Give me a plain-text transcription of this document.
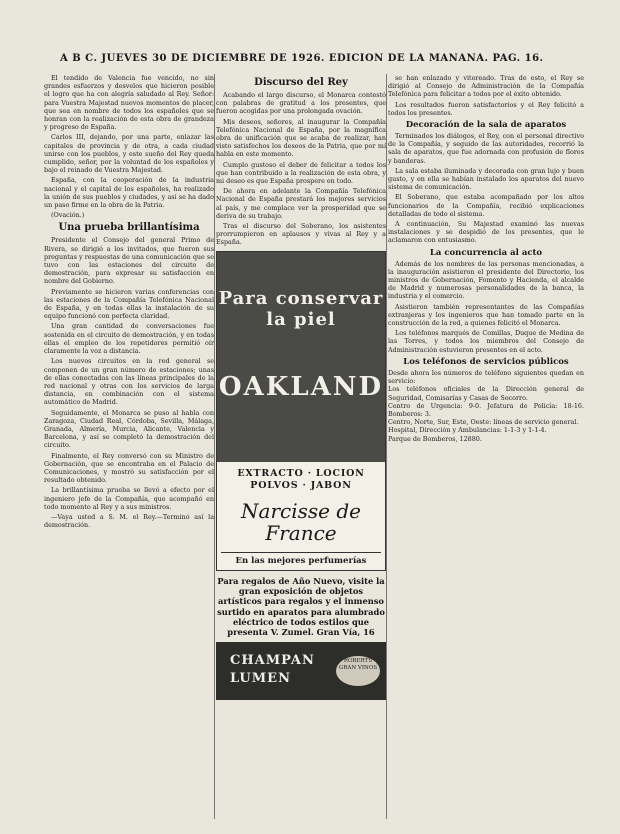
A B C. JUEVES 30 DE DICIEMBRE DE 1926. EDICION DE LA MAÑANA. PAG. 16.

El tendido de Valencia fue vencido, no sin grandes esfuerzos y desvelos que hicieron posible el logro que ha con alegría saludado al Rey. Señor: para Vuestra Majestad nuevos momentos de placer, que sea en nombre de todos los españoles que se honran con la realización de esta obra de grandeza y progreso de España.

Carlos III, dejando, por una parte, enlazar las capitales de provincia y de otra, a cada ciudad unirse con los pueblos, y este sueño del Rey queda cumplido, señor, por la voluntad de los españoles y bajo el reinado de Vuestra Majestad.

España, con la cooperación de la industria nacional y el capital de los españoles, ha realizado la unión de sus pueblos y ciudades, y así se ha dado un paso firme en la obra de la Patria.

(Ovación.)

Una prueba brillantísima

Presidente el Consejo del general Primo de Rivera, se dirigió a los invitados, que fueron sus preguntas y respuestas de una comunicación que se tuvo con las estaciones del circuito de demostración, para expresar su satisfacción en nombre del Gobierno.

Previamente se hicieron varias conferencias con las estaciones de la Compañía Telefónica Nacional de España, y en todas ellas la instalación de su equipo funcionó con perfecta claridad.

Una gran cantidad de conversaciones fue sostenida en el circuito de demostración, y en todas ellas el empleo de los repetidores permitió oír claramente la voz a distancia.

Los nuevos circuitos en la red general se componen de un gran número de estaciones; unas de ellas conectadas con las líneas principales de la red nacional y otras con los servicios de larga distancia, en combinación con el sistema automático de Madrid.

Seguidamente, el Monarca se puso al habla con Zaragoza, Ciudad Real, Córdoba, Sevilla, Málaga, Granada, Almería, Murcia, Alicante, Valencia y Barcelona, y así se completó la demostración del circuito.

Finalmente, el Rey conversó con su Ministro de Gobernación, que se encontraba en el Palacio de Comunicaciones, y mostró su satisfacción por el resultado obtenido.

La brillantísima prueba se llevó a efecto por el ingeniero jefe de la Compañía, que acompañó en todo momento al Rey y a sus ministros.

—Vaya usted a S. M. el Rey.—Terminó así la demostración.

Discurso del Rey

Acabando el largo discurso, el Monarca contestó con palabras de gratitud a los presentes, que fueron acogidas por una prolongada ovación.

Mis deseos, señores, al inaugurar la Compañía Telefónica Nacional de España, por la magnífica obra de unificación que se acaba de realizar, han visto satisfechos los deseos de la Patria, que por mí habla en este momento.

Cumplo gustoso el deber de felicitar a todos los que han contribuido a la realización de esta obra, y mi deseo es que España prospere en todo.

De ahora en adelante la Compañía Telefónica Nacional de España prestará los mejores servicios al país, y me complace ver la prosperidad que se deriva de su trabajo.

Tras el discurso del Soberano, los asistentes prorrumpieron en aplausos y vivas al Rey y a España.

Para conservar la piel
OAKLAND
EXTRACTO · LOCION
POLVOS · JABON
Narcisse de
France
En las mejores perfumerías
Para regalos de Año Nuevo, visite la gran exposición de objetos artísticos para regalos y el inmenso surtido en aparatos para alumbrado eléctrico de todos estilos que presenta V. Zumel. Gran Vía, 16
CHAMPAN
LUMEN
ROBERTS GRAN VINOS

se han enlazado y vitoreado. Tras de esto, el Rey se dirigió al Consejo de Administración de la Compañía Telefónica para felicitar a todos por el éxito obtenido.

Los resultados fueron satisfactorios y el Rey felicitó a todos los presentes.

Decoración de la sala de aparatos

Terminados los diálogos, el Rey, con el personal directivo de la Compañía, y seguido de las autoridades, recorrió la sala de aparatos, que fue adornada con profusión de flores y banderas.

La sala estaba iluminada y decorada con gran lujo y buen gusto, y en ella se habían instalado los aparatos del nuevo sistema de comunicación.

El Soberano, que estaba acompañado por los altos funcionarios de la Compañía, recibió explicaciones detalladas de todo el sistema.

A continuación, Su Majestad examinó las nuevas instalaciones y se despidió de los presentes, que le aclamaron con entusiasmo.

La concurrencia al acto

Además de los nombres de las personas mencionadas, a la inauguración asistieron el presidente del Directorio, los ministros de Gobernación, Fomento y Hacienda, el alcalde de Madrid y numerosas personalidades de la banca, la industria y el comercio.

Asistieron también representantes de las Compañías extranjeras y los ingenieros que han tomado parte en la construcción de la red, a quienes felicitó el Monarca.

Los teléfonos marqués de Comillas, Duque de Medina de las Torres, y todos los miembros del Consejo de Administración estuvieron presentes en el acto.

Los teléfonos de servicios públicos

Desde ahora los números de teléfono siguientes quedan en servicio:

Los teléfonos oficiales de la Dirección general de Seguridad, Comisarías y Casas de Socorro.

Centro de Urgencia: 9-0. Jefatura de Policía: 18-16. Bomberos: 3.

Centro, Norte, Sur, Este, Oeste: líneas de servicio general.

Hospital, Dirección y Ambulancias: 1-1-3 y 1-1-4.

Parque de Bomberos, 12880.
